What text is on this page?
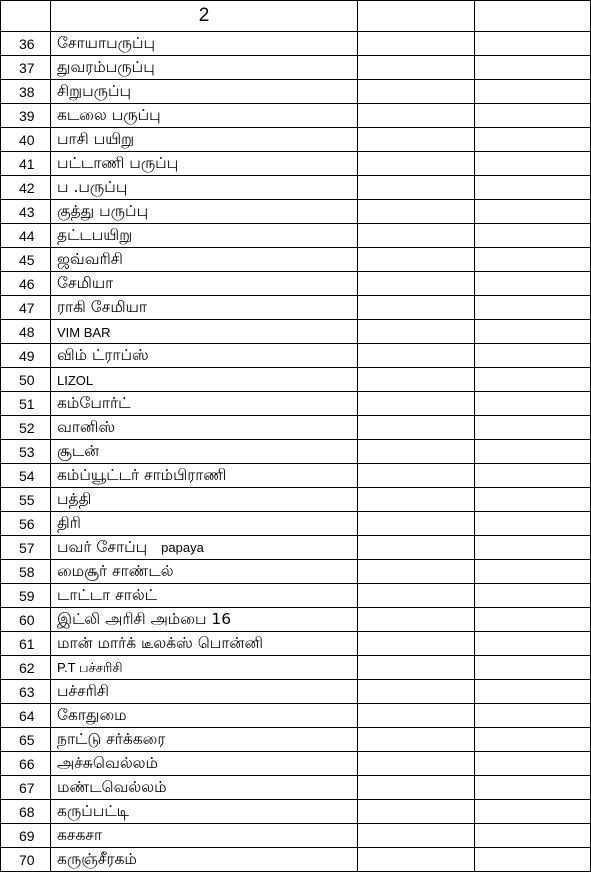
	2		
36	சோயாபருப்பு		
37	துவரம்பருப்பு		
38	சிறுபருப்பு		
39	கடலை பருப்பு		
40	பாசி பயிறு		
41	பட்டாணி பருப்பு		
42	ப .பருப்பு		
43	குத்து பருப்பு		
44	தட்டபயிறு		
45	ஜவ்வரிசி		
46	சேமியா		
47	ராகி சேமியா		
48	VIM BAR		
49	விம் ட்ராப்ஸ்		
50	LIZOL		
51	கம்போர்ட்		
52	வானிஸ்		
53	சூடன்		
54	கம்ப்யூட்டர் சாம்பிராணி		
55	பத்தி		
56	திரி		
57	பவர் சோப்பு papaya		
58	மைசூர் சாண்டல்		
59	டாட்டா சால்ட்		
60	இட்லி அரிசி அம்பை 16		
61	மான் மார்க் டீலக்ஸ் பொன்னி		
62	P.T பச்சரிசி		
63	பச்சரிசி		
64	கோதுமை		
65	நாட்டு சர்க்கரை		
66	அச்சுவெல்லம்		
67	மண்டவெல்லம்		
68	கருப்பட்டி		
69	கசகசா		
70	கருஞ்சீரகம்		
